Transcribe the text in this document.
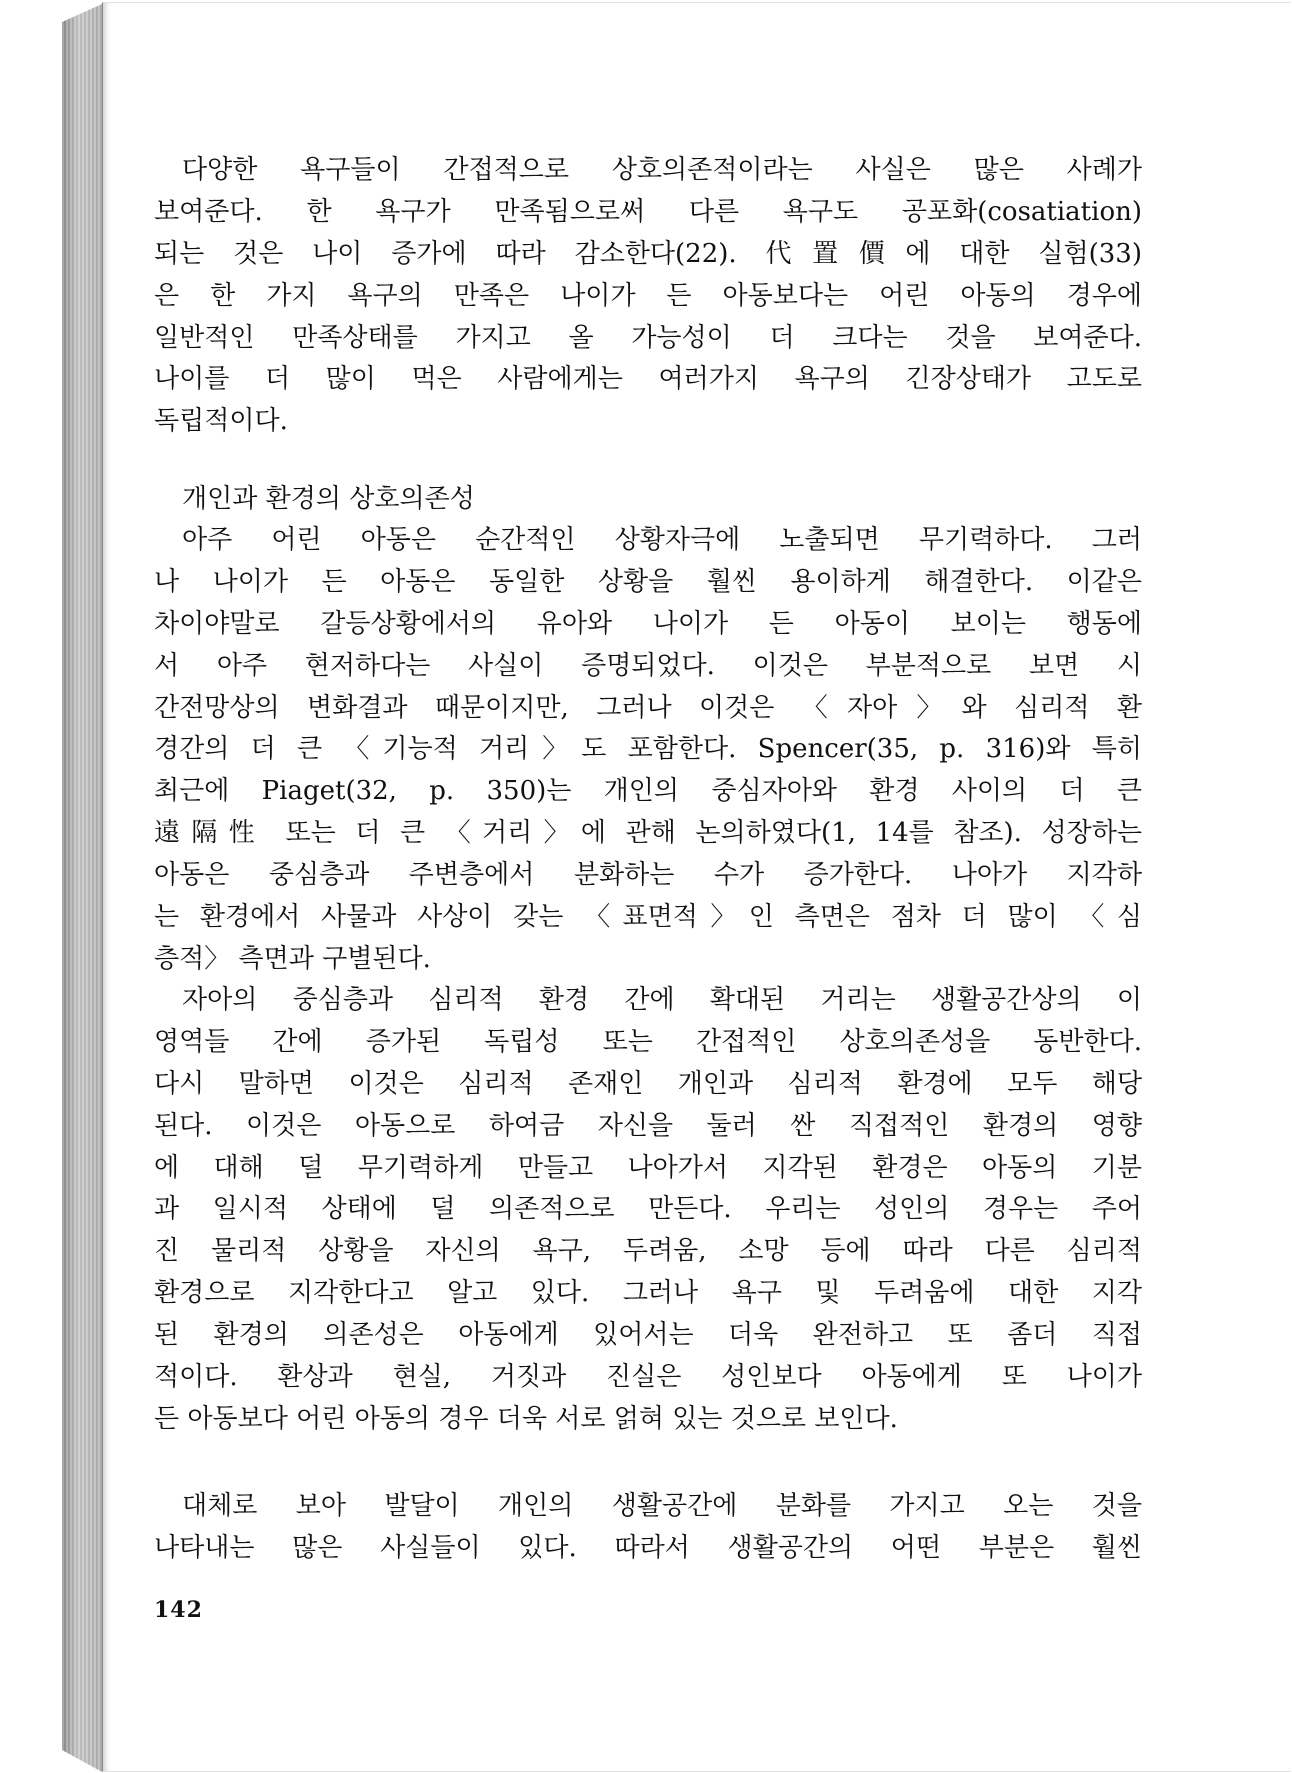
다양한 욕구들이 간접적으로 상호의존적이라는 사실은 많은 사례가
보여준다. 한 욕구가 만족됨으로써 다른 욕구도 공포화(cosatiation)
되는 것은 나이 증가에 따라 감소한다(22). 代置價에 대한 실험(33)
은 한 가지 욕구의 만족은 나이가 든 아동보다는 어린 아동의 경우에
일반적인 만족상태를 가지고 올 가능성이 더 크다는 것을 보여준다.
나이를 더 많이 먹은 사람에게는 여러가지 욕구의 긴장상태가 고도로
독립적이다.
개인과 환경의 상호의존성
아주 어린 아동은 순간적인 상황자극에 노출되면 무기력하다. 그러
나 나이가 든 아동은 동일한 상황을 훨씬 용이하게 해결한다. 이같은
차이야말로 갈등상황에서의 유아와 나이가 든 아동이 보이는 행동에
서 아주 현저하다는 사실이 증명되었다. 이것은 부분적으로 보면 시
간전망상의 변화결과 때문이지만, 그러나 이것은 〈자아〉와 심리적 환
경간의 더 큰 〈기능적 거리〉도 포함한다. Spencer(35, p. 316)와 특히
최근에 Piaget(32, p. 350)는 개인의 중심자아와 환경 사이의 더 큰
遠隔性 또는 더 큰 〈거리〉에 관해 논의하였다(1, 14를 참조). 성장하는
아동은 중심층과 주변층에서 분화하는 수가 증가한다. 나아가 지각하
는 환경에서 사물과 사상이 갖는 〈표면적〉인 측면은 점차 더 많이 〈심
층적〉 측면과 구별된다.
자아의 중심층과 심리적 환경 간에 확대된 거리는 생활공간상의 이
영역들 간에 증가된 독립성 또는 간접적인 상호의존성을 동반한다.
다시 말하면 이것은 심리적 존재인 개인과 심리적 환경에 모두 해당
된다. 이것은 아동으로 하여금 자신을 둘러 싼 직접적인 환경의 영향
에 대해 덜 무기력하게 만들고 나아가서 지각된 환경은 아동의 기분
과 일시적 상태에 덜 의존적으로 만든다. 우리는 성인의 경우는 주어
진 물리적 상황을 자신의 욕구, 두려움, 소망 등에 따라 다른 심리적
환경으로 지각한다고 알고 있다. 그러나 욕구 및 두려움에 대한 지각
된 환경의 의존성은 아동에게 있어서는 더욱 완전하고 또 좀더 직접
적이다. 환상과 현실, 거짓과 진실은 성인보다 아동에게 또 나이가
든 아동보다 어린 아동의 경우 더욱 서로 얽혀 있는 것으로 보인다.
대체로 보아 발달이 개인의 생활공간에 분화를 가지고 오는 것을
나타내는 많은 사실들이 있다. 따라서 생활공간의 어떤 부분은 훨씬
142
